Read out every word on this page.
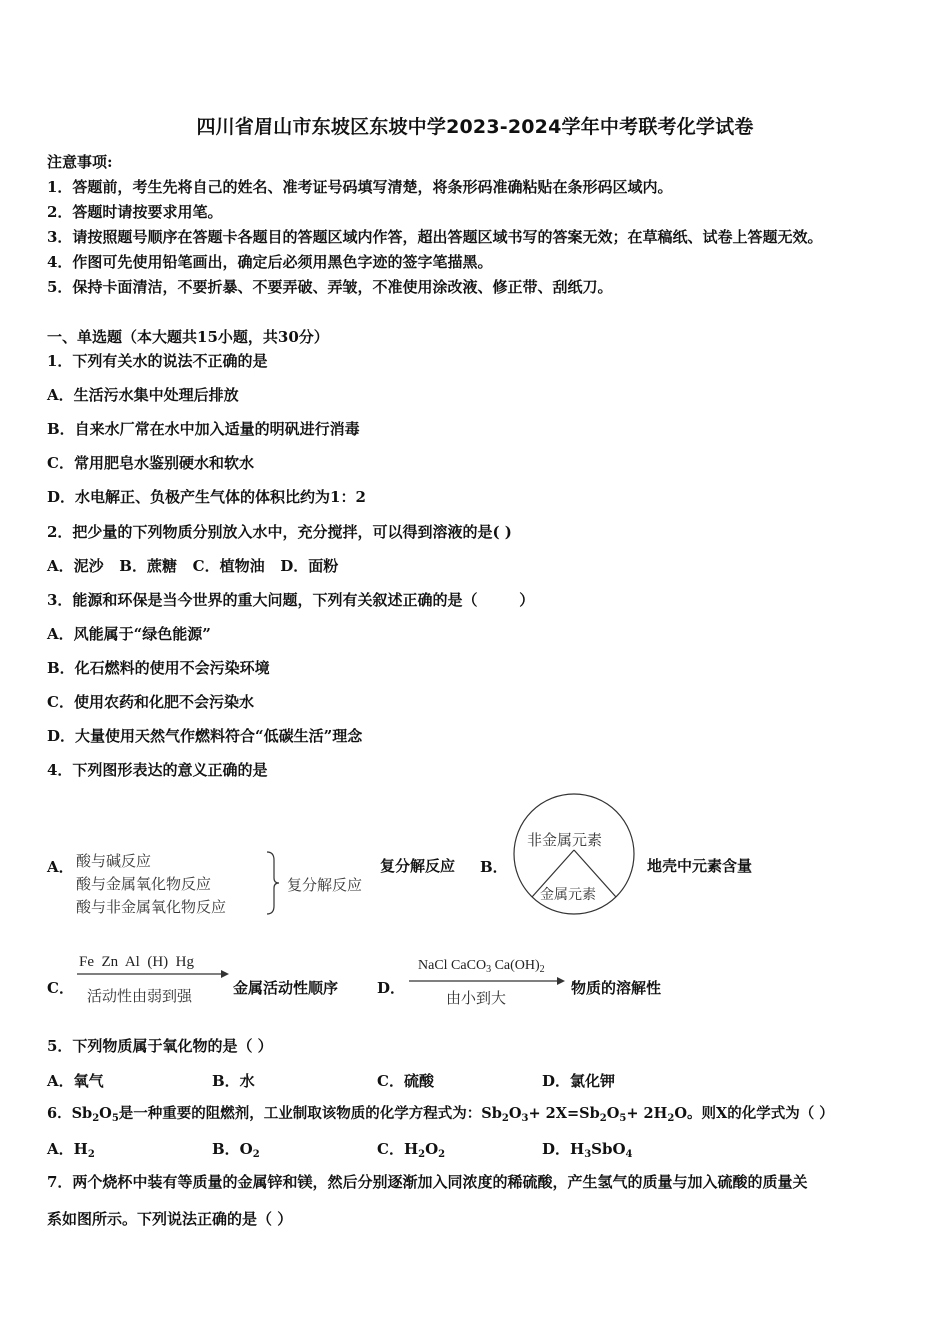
四川省眉山市东坡区东坡中学2023-2024学年中考联考化学试卷
注意事项:
1．答题前，考生先将自己的姓名、准考证号码填写清楚，将条形码准确粘贴在条形码区域内。
2．答题时请按要求用笔。
3．请按照题号顺序在答题卡各题目的答题区域内作答，超出答题区域书写的答案无效；在草稿纸、试卷上答题无效。
4．作图可先使用铅笔画出，确定后必须用黑色字迹的签字笔描黑。
5．保持卡面清洁，不要折暴、不要弄破、弄皱，不准使用涂改液、修正带、刮纸刀。
一、单选题（本大题共15小题，共30分）
1．下列有关水的说法不正确的是
A．生活污水集中处理后排放
B．自来水厂常在水中加入适量的明矾进行消毒
C．常用肥皂水鉴别硬水和软水
D．水电解正、负极产生气体的体积比约为1：2
2．把少量的下列物质分别放入水中，充分搅拌，可以得到溶液的是( )
A．泥沙   B．蔗糖   C．植物油   D．面粉
3．能源和环保是当今世界的重大问题，下列有关叙述正确的是（        ）
A．风能属于“绿色能源”
B．化石燃料的使用不会污染环境
C．使用农药和化肥不会污染水
D．大量使用天然气作燃料符合“低碳生活”理念
4．下列图形表达的意义正确的是
A． 酸与碱反应
酸与金属氧化物反应
酸与非金属氧化物反应
复分解反应
复分解反应 B．
非金属元素
金属元素
地壳中元素含量
C．
Fe  Zn  Al  (H)  Hg
活动性由弱到强	金属活动性顺序	D．
NaCl CaCO$_3$ $Ca(OH)_2$
由小到大
物质的溶解性
5．下列物质属于氧化物的是（ ）
A．氧气	B．水	C．硫酸	D．氯化钾
6．$Sb_2O_5$是一种重要的阻燃剂，工业制取该物质的化学方程式为：$Sb_2O_3+ 2X=Sb_2O_5+ 2H_2O$。则X的化学式为（ ）
A．$H_2$	B．$O_2$	C．$H_2O_2$	D．$H_3SbO_4$
7．两个烧杯中装有等质量的金属锌和镁，然后分别逐渐加入同浓度的稀硫酸，产生氢气的质量与加入硫酸的质量关
系如图所示。下列说法正确的是（ ）
